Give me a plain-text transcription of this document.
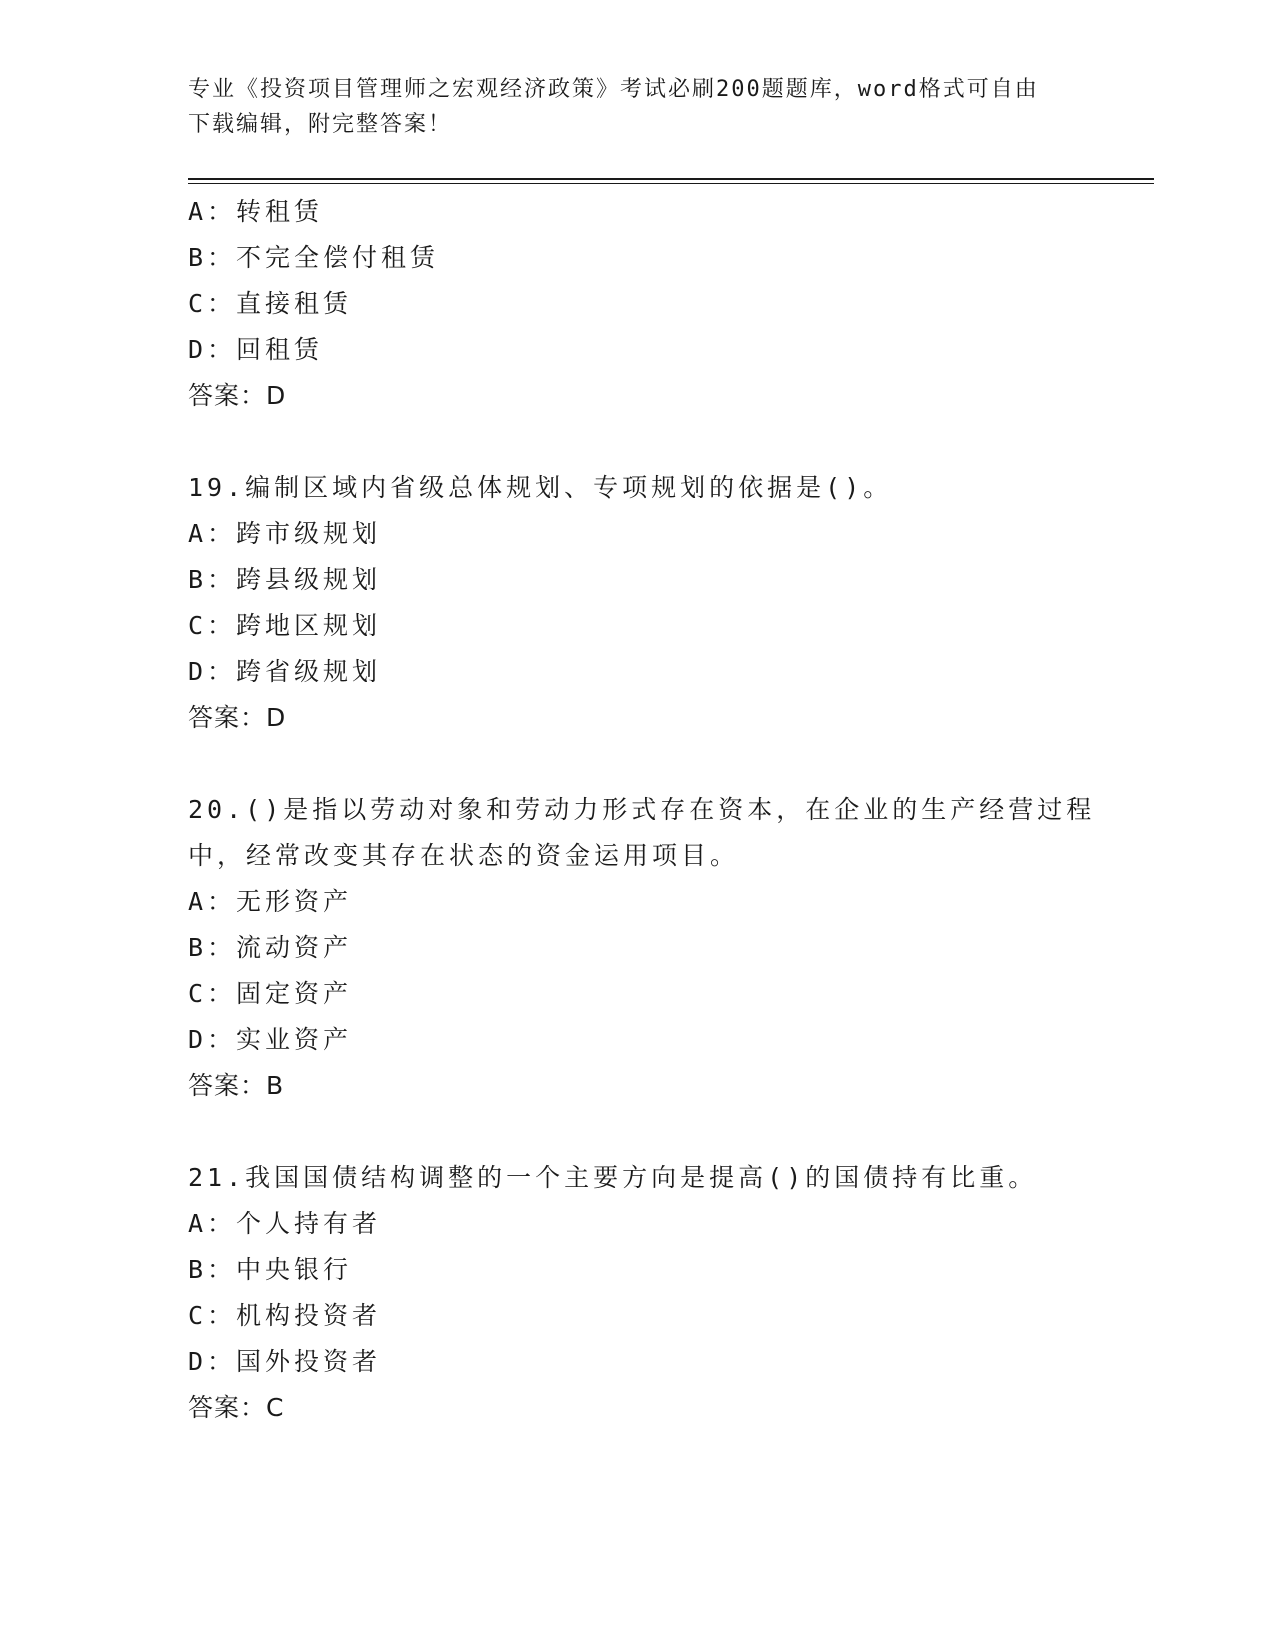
专业《投资项目管理师之宏观经济政策》考试必刷200题题库，word格式可自由
下载编辑，附完整答案！
A：转租赁
B：不完全偿付租赁
C：直接租赁
D：回租赁
答案：D
19.编制区域内省级总体规划、专项规划的依据是()。
A：跨市级规划
B：跨县级规划
C：跨地区规划
D：跨省级规划
答案：D
20.()是指以劳动对象和劳动力形式存在资本，在企业的生产经营过程
中，经常改变其存在状态的资金运用项目。
A：无形资产
B：流动资产
C：固定资产
D：实业资产
答案：B
21.我国国债结构调整的一个主要方向是提高()的国债持有比重。
A：个人持有者
B：中央银行
C：机构投资者
D：国外投资者
答案：C
